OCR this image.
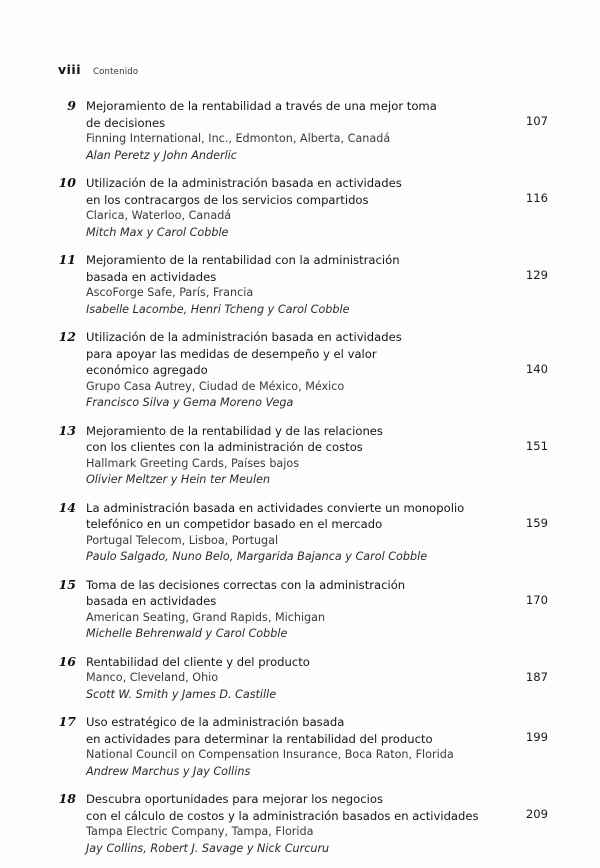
viii Contenido
9 Mejoramiento de la rentabilidad a través de una mejor toma
de decisiones
Finning International, Inc., Edmonton, Alberta, Canadá
Alan Peretz y John Anderlic
107
10 Utilización de la administración basada en actividades
en los contracargos de los servicios compartidos
Clarica, Waterloo, Canadá
Mitch Max y Carol Cobble
116
11 Mejoramiento de la rentabilidad con la administración
basada en actividades
AscoForge Safe, París, Francia
Isabelle Lacombe, Henri Tcheng y Carol Cobble
129
12 Utilización de la administración basada en actividades
para apoyar las medidas de desempeño y el valor
económico agregado
Grupo Casa Autrey, Ciudad de México, México
Francisco Silva y Gema Moreno Vega
140
13 Mejoramiento de la rentabilidad y de las relaciones
con los clientes con la administración de costos
Hallmark Greeting Cards, Países bajos
Olivier Meltzer y Hein ter Meulen
151
14 La administración basada en actividades convierte un monopolio
telefónico en un competidor basado en el mercado
Portugal Telecom, Lisboa, Portugal
Paulo Salgado, Nuno Belo, Margarida Bajanca y Carol Cobble
159
15 Toma de las decisiones correctas con la administración
basada en actividades
American Seating, Grand Rapids, Michigan
Michelle Behrenwald y Carol Cobble
170
16 Rentabilidad del cliente y del producto
Manco, Cleveland, Ohio
Scott W. Smith y James D. Castille
187
17 Uso estratégico de la administración basada
en actividades para determinar la rentabilidad del producto
National Council on Compensation Insurance, Boca Raton, Florida
Andrew Marchus y Jay Collins
199
18 Descubra oportunidades para mejorar los negocios
con el cálculo de costos y la administración basados en actividades
Tampa Electric Company, Tampa, Florida
Jay Collins, Robert J. Savage y Nick Curcuru
209
